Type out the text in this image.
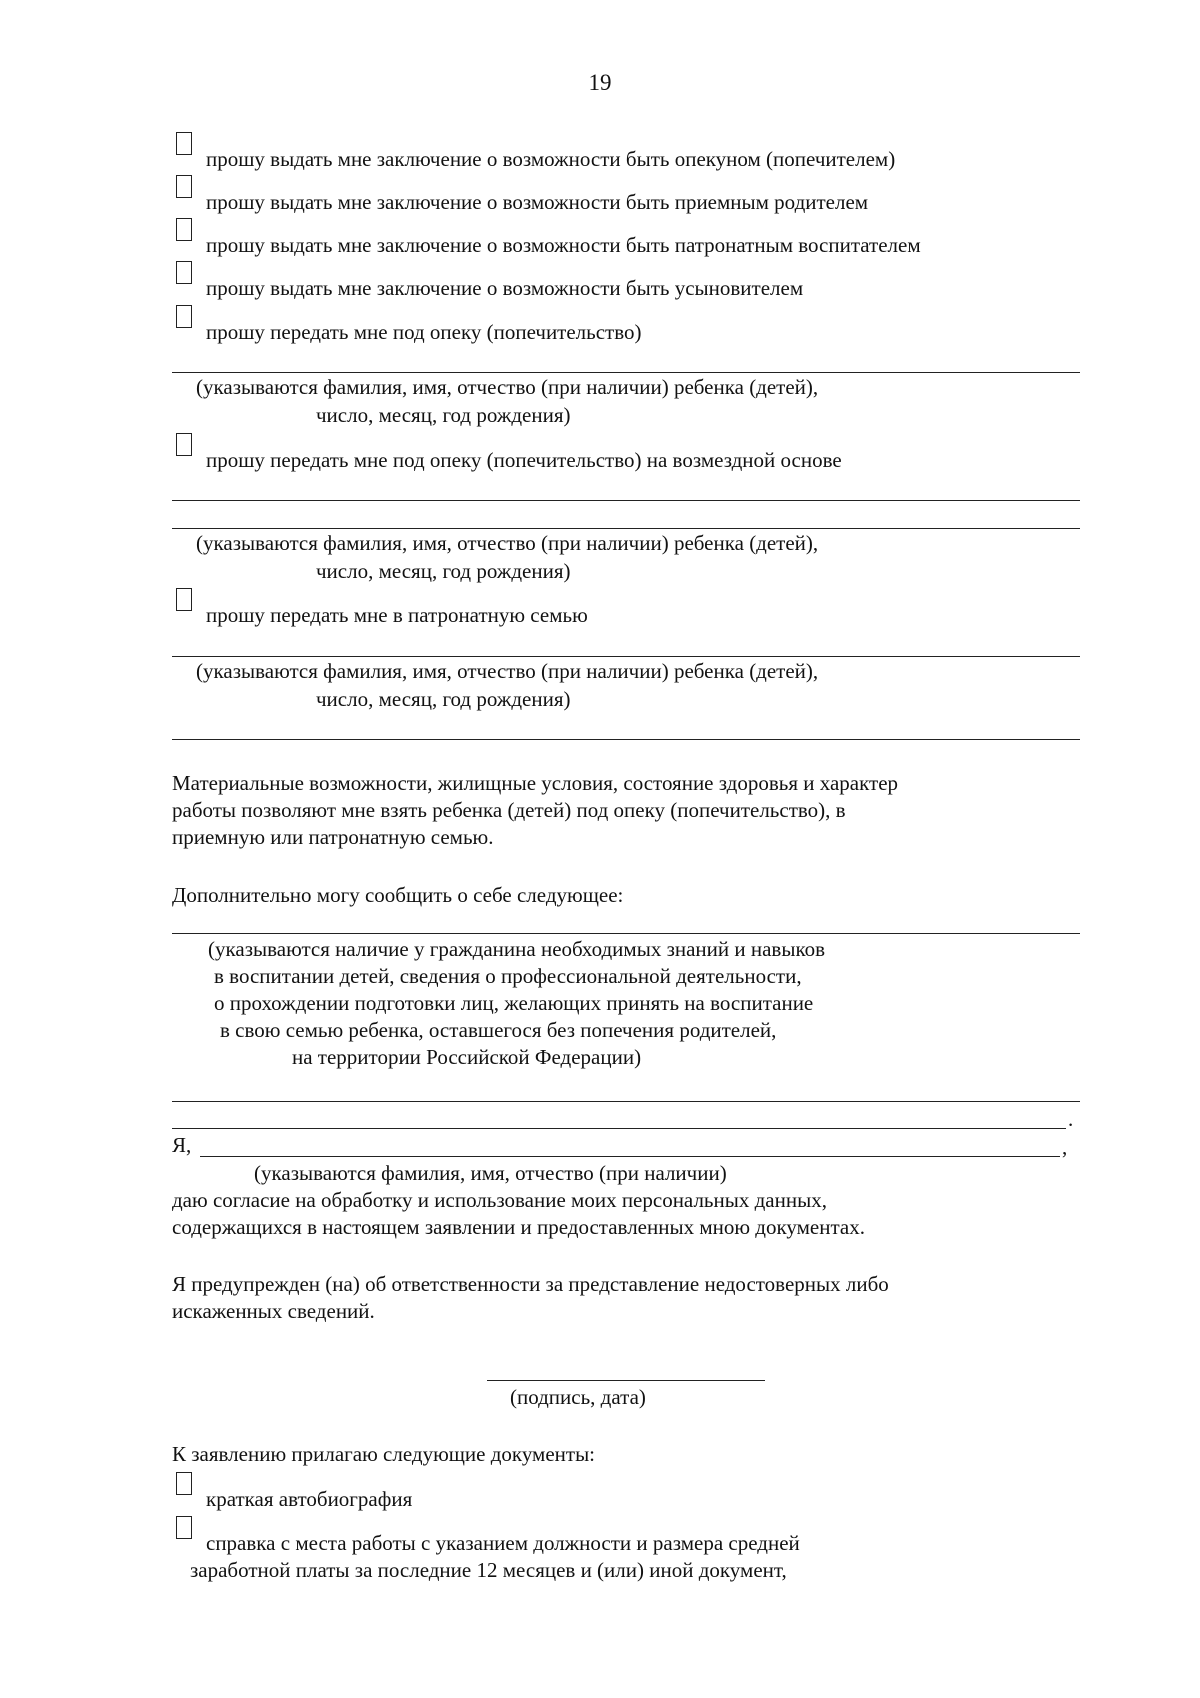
19
прошу выдать мне заключение о возможности быть опекуном (попечителем)
прошу выдать мне заключение о возможности быть приемным родителем
прошу выдать мне заключение о возможности быть патронатным воспитателем
прошу выдать мне заключение о возможности быть усыновителем
прошу передать мне под опеку (попечительство)
(указываются фамилия, имя, отчество (при наличии) ребенка (детей),
число, месяц, год рождения)
прошу передать мне под опеку (попечительство) на возмездной основе
(указываются фамилия, имя, отчество (при наличии) ребенка (детей),
число, месяц, год рождения)
прошу передать мне в патронатную семью
(указываются фамилия, имя, отчество (при наличии) ребенка (детей),
число, месяц, год рождения)
Материальные возможности, жилищные условия, состояние здоровья и характер
работы позволяют мне взять ребенка (детей) под опеку (попечительство), в
приемную или патронатную семью.
Дополнительно могу сообщить о себе следующее:
(указываются наличие у гражданина необходимых знаний и навыков
в воспитании детей, сведения о профессиональной деятельности,
о прохождении подготовки лиц, желающих принять на воспитание
в свою семью ребенка, оставшегося без попечения родителей,
на территории Российской Федерации)
.
Я,	,
(указываются фамилия, имя, отчество (при наличии)
даю согласие на обработку и использование моих персональных данных,
содержащихся в настоящем заявлении и предоставленных мною документах.
Я предупрежден (на) об ответственности за представление недостоверных либо
искаженных сведений.
(подпись, дата)
К заявлению прилагаю следующие документы:
краткая автобиография
справка с места работы с указанием должности и размера средней
заработной платы за последние 12 месяцев и (или) иной документ,
